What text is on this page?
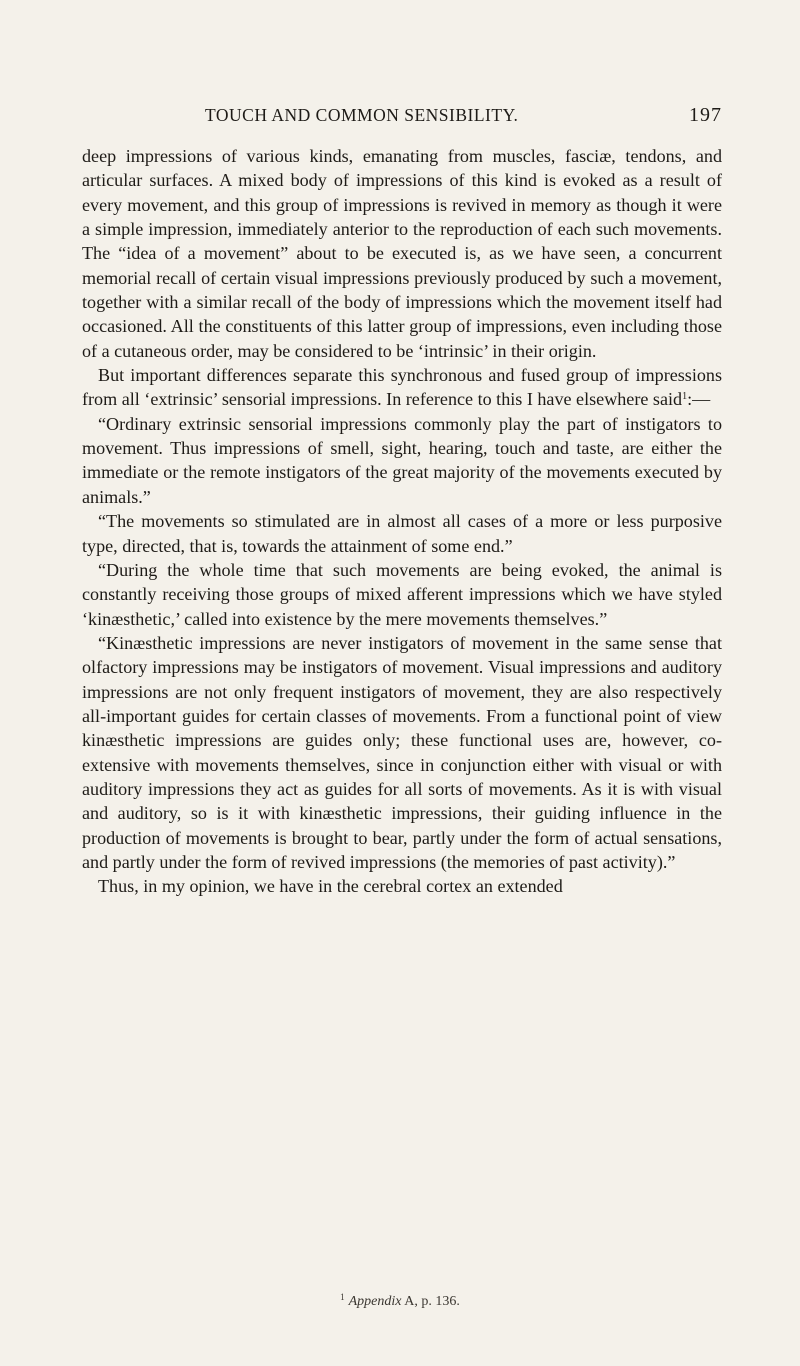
TOUCH AND COMMON SENSIBILITY.	197

deep impressions of various kinds, emanating from muscles, fasciæ, tendons, and articular surfaces. A mixed body of impressions of this kind is evoked as a result of every movement, and this group of impressions is revived in memory as though it were a simple impression, immediately anterior to the reproduction of each such movements. The “idea of a movement” about to be executed is, as we have seen, a concurrent memorial recall of certain visual impressions previously produced by such a movement, together with a similar recall of the body of impressions which the movement itself had occasioned. All the constituents of this latter group of impressions, even including those of a cutaneous order, may be considered to be ‘intrinsic’ in their origin.

But important differences separate this synchronous and fused group of impressions from all ‘extrinsic’ sensorial impressions. In reference to this I have elsewhere said$^1$:—

“Ordinary extrinsic sensorial impressions commonly play the part of instigators to movement. Thus impressions of smell, sight, hearing, touch and taste, are either the immediate or the remote instigators of the great majority of the movements executed by animals.”

“The movements so stimulated are in almost all cases of a more or less purposive type, directed, that is, towards the attainment of some end.”

“During the whole time that such movements are being evoked, the animal is constantly receiving those groups of mixed afferent impressions which we have styled ‘kinæsthetic,’ called into existence by the mere movements themselves.”

“Kinæsthetic impressions are never instigators of movement in the same sense that olfactory impressions may be instigators of movement. Visual impressions and auditory impressions are not only frequent instigators of movement, they are also respectively all-important guides for certain classes of movements. From a functional point of view kinæsthetic impressions are guides only; these functional uses are, however, co-extensive with movements themselves, since in conjunction either with visual or with auditory impressions they act as guides for all sorts of movements. As it is with visual and auditory, so is it with kinæsthetic impressions, their guiding influence in the production of movements is brought to bear, partly under the form of actual sensations, and partly under the form of revived impressions (the memories of past activity).”

Thus, in my opinion, we have in the cerebral cortex an extended

$^1$ Appendix A, p. 136.
